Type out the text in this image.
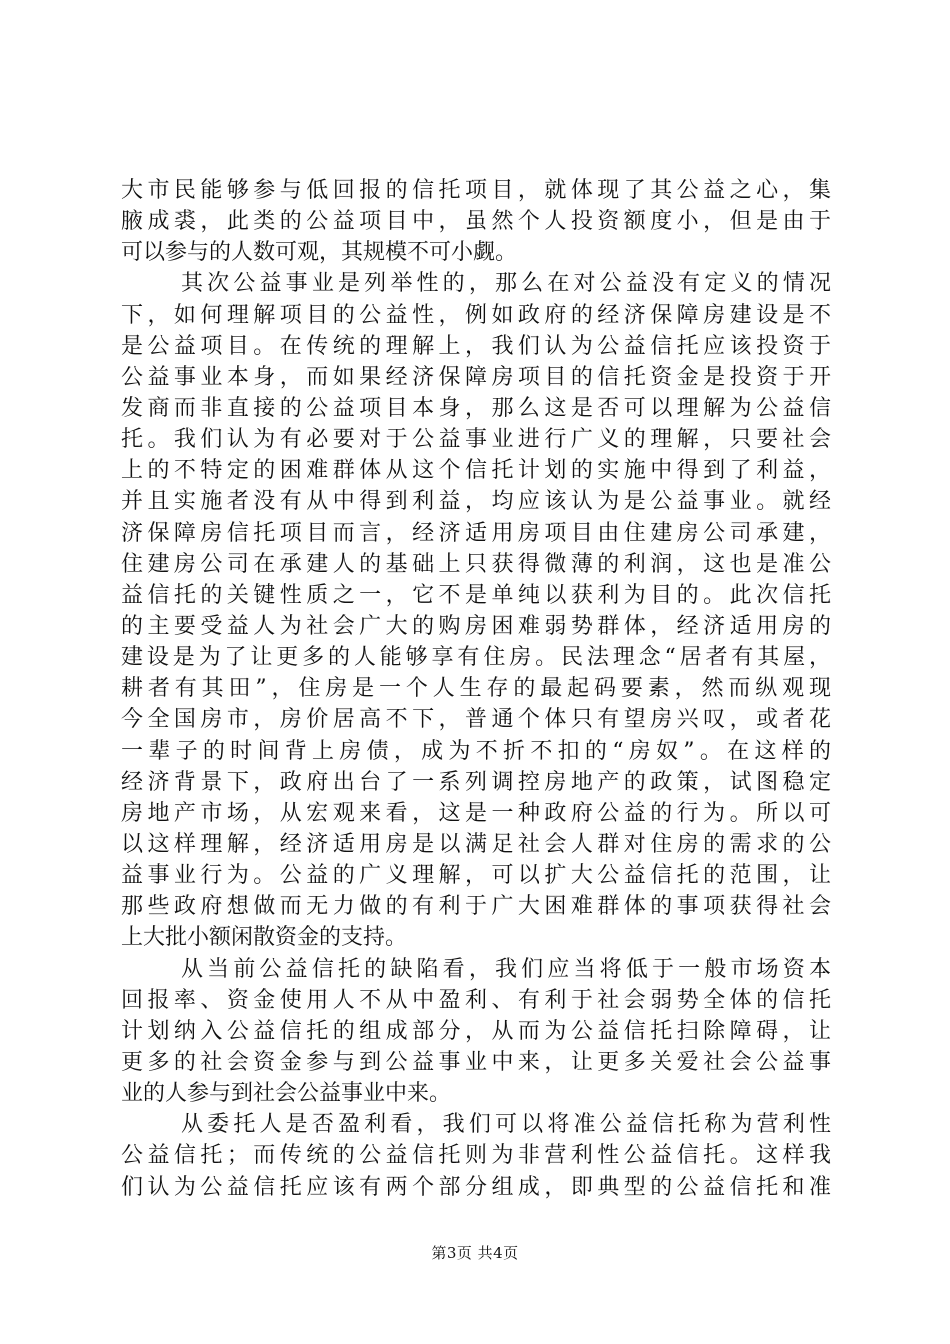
大市民能够参与低回报的信托项目，就体现了其公益之心，集
腋成裘，此类的公益项目中，虽然个人投资额度小，但是由于
可以参与的人数可观，其规模不可小觑。
其次公益事业是列举性的，那么在对公益没有定义的情况
下，如何理解项目的公益性，例如政府的经济保障房建设是不
是公益项目。在传统的理解上，我们认为公益信托应该投资于
公益事业本身，而如果经济保障房项目的信托资金是投资于开
发商而非直接的公益项目本身，那么这是否可以理解为公益信
托。我们认为有必要对于公益事业进行广义的理解，只要社会
上的不特定的困难群体从这个信托计划的实施中得到了利益，
并且实施者没有从中得到利益，均应该认为是公益事业。就经
济保障房信托项目而言，经济适用房项目由住建房公司承建，
住建房公司在承建人的基础上只获得微薄的利润，这也是准公
益信托的关键性质之一，它不是单纯以获利为目的。此次信托
的主要受益人为社会广大的购房困难弱势群体，经济适用房的
建设是为了让更多的人能够享有住房。民法理念“居者有其屋，
耕者有其田”，住房是一个人生存的最起码要素，然而纵观现
今全国房市，房价居高不下，普通个体只有望房兴叹，或者花
一辈子的时间背上房债，成为不折不扣的“房奴”。在这样的
经济背景下，政府出台了一系列调控房地产的政策，试图稳定
房地产市场，从宏观来看，这是一种政府公益的行为。所以可
以这样理解，经济适用房是以满足社会人群对住房的需求的公
益事业行为。公益的广义理解，可以扩大公益信托的范围，让
那些政府想做而无力做的有利于广大困难群体的事项获得社会
上大批小额闲散资金的支持。
从当前公益信托的缺陷看，我们应当将低于一般市场资本
回报率、资金使用人不从中盈利、有利于社会弱势全体的信托
计划纳入公益信托的组成部分，从而为公益信托扫除障碍，让
更多的社会资金参与到公益事业中来，让更多关爱社会公益事
业的人参与到社会公益事业中来。
从委托人是否盈利看，我们可以将准公益信托称为营利性
公益信托；而传统的公益信托则为非营利性公益信托。这样我
们认为公益信托应该有两个部分组成，即典型的公益信托和准
第3页 共4页
